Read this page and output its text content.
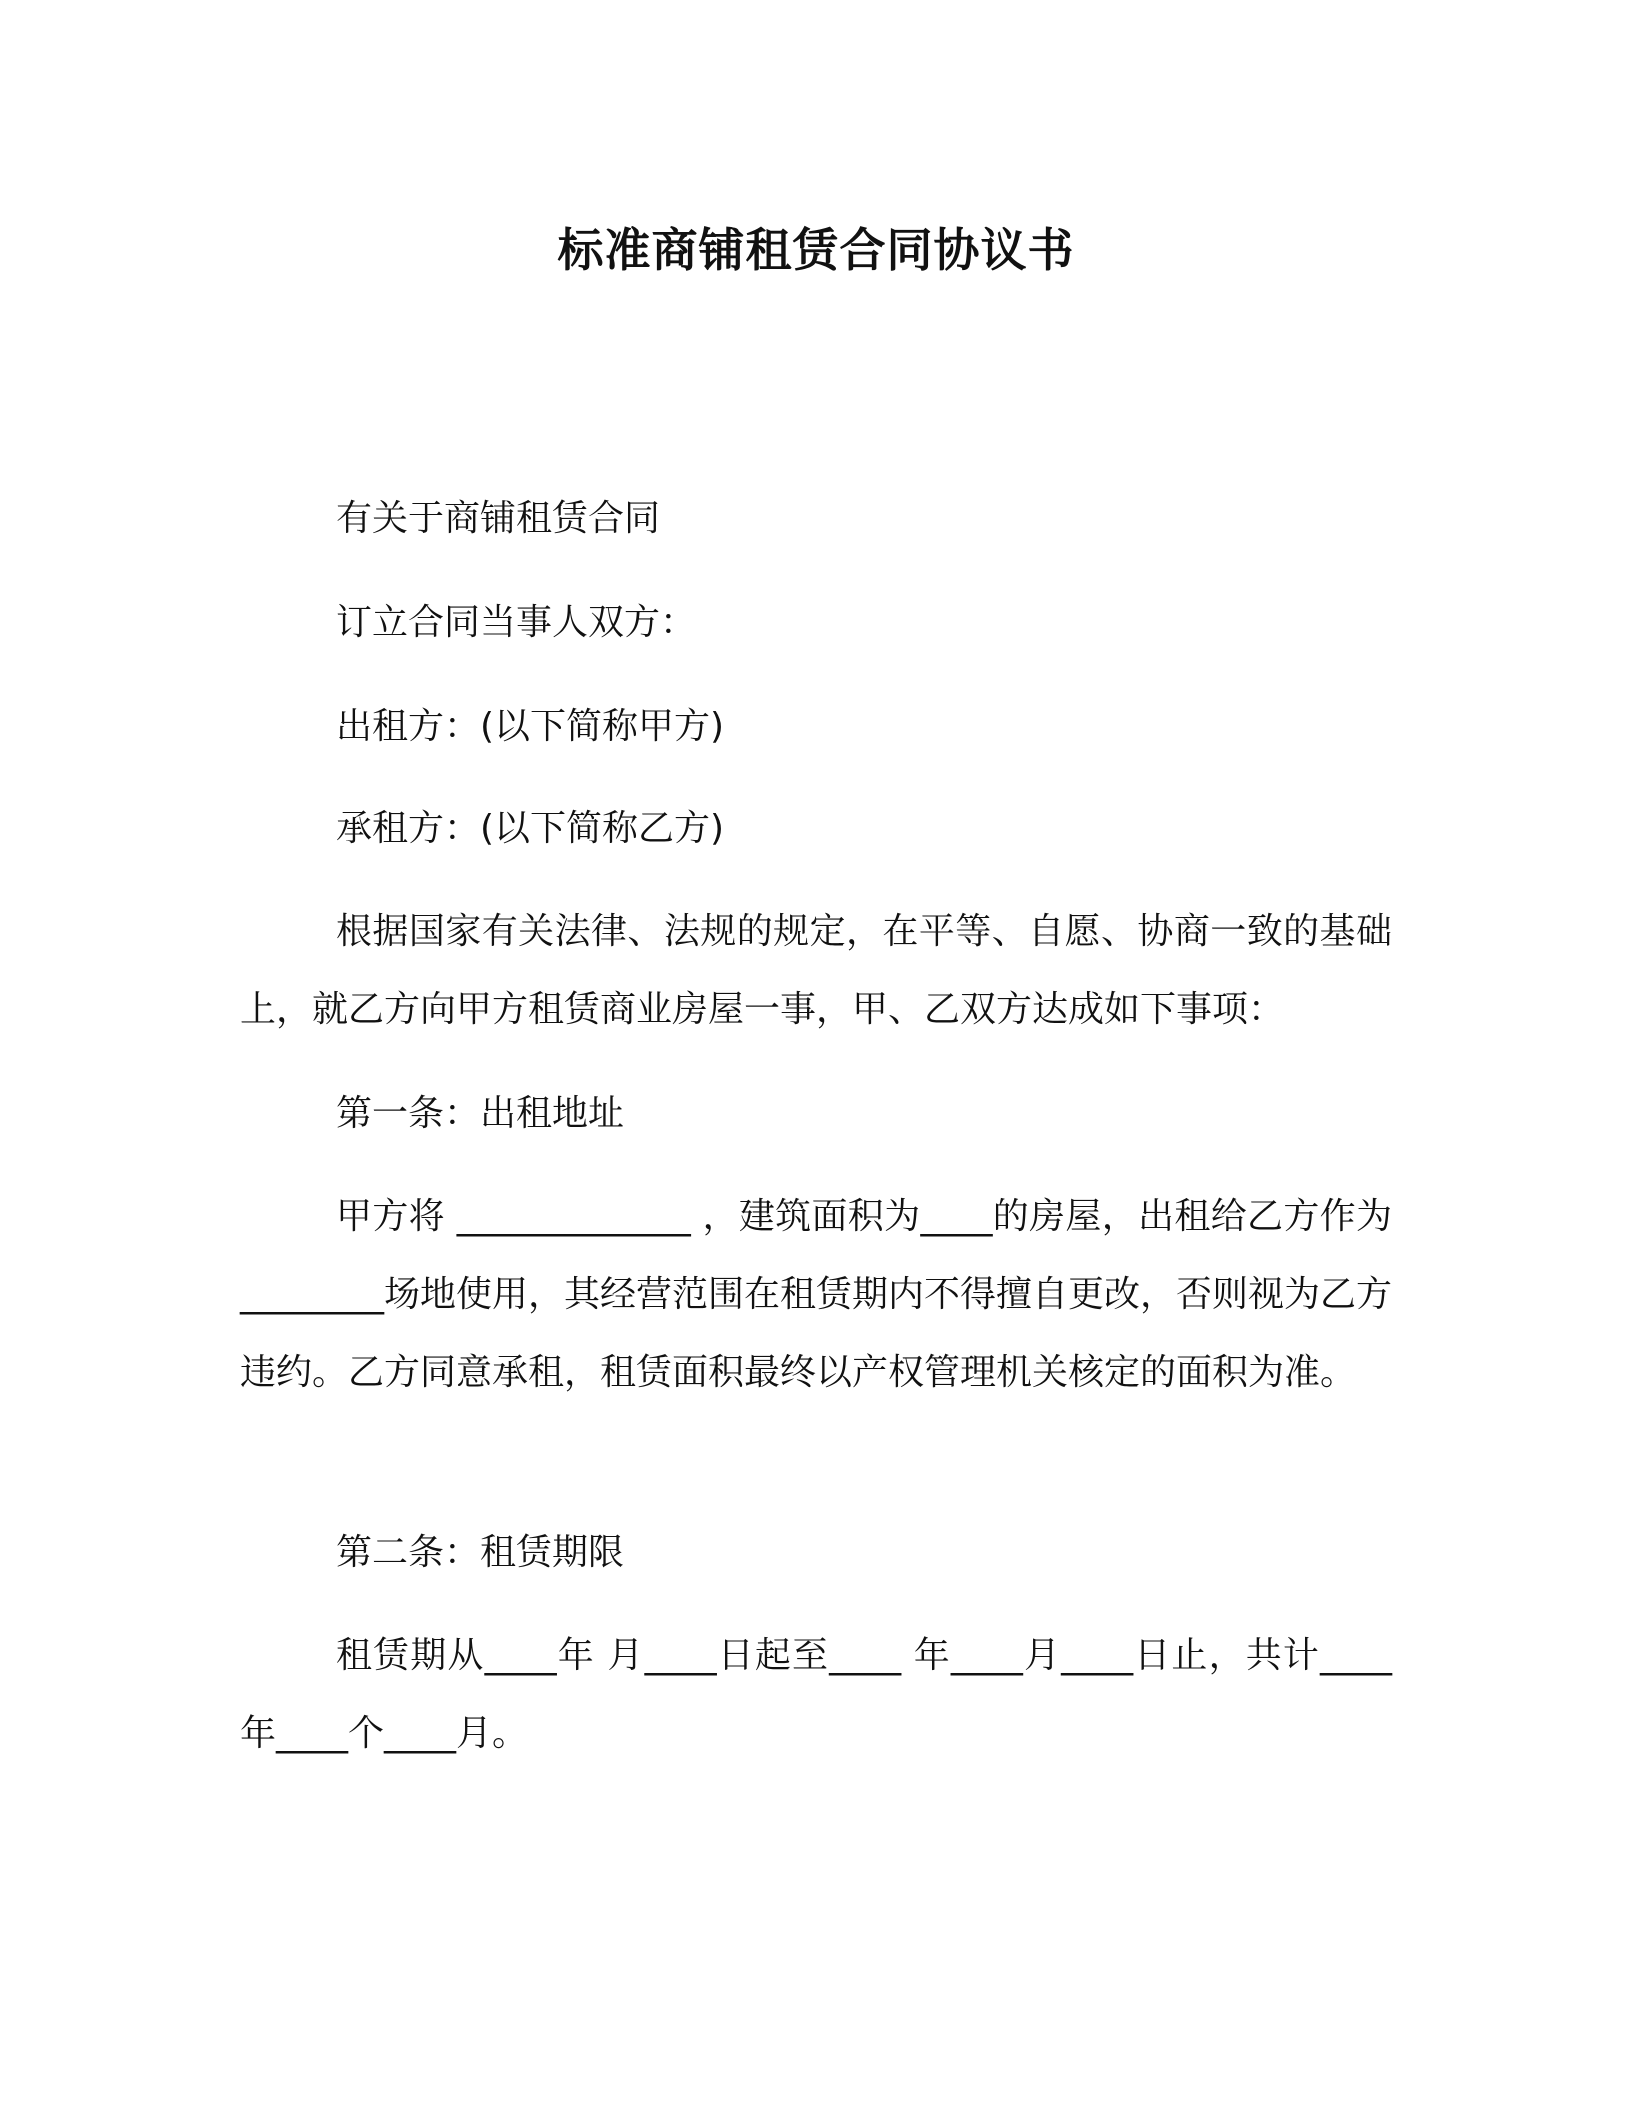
标准商铺租赁合同协议书

有关于商铺租赁合同

订立合同当事人双方：

出租方：(以下简称甲方)

承租方：(以下简称乙方)

根据国家有关法律、法规的规定，在平等、自愿、协商一致的基础上，就乙方向甲方租赁商业房屋一事，甲、乙双方达成如下事项：

第一条：出租地址

甲方将 _____________ ，建筑面积为____的房屋，出租给乙方作为________场地使用，其经营范围在租赁期内不得擅自更改，否则视为乙方违约。乙方同意承租，租赁面积最终以产权管理机关核定的面积为准。

第二条：租赁期限

租赁期从____年 月____日起至____ 年____月____日止，共计____年____个____月。
